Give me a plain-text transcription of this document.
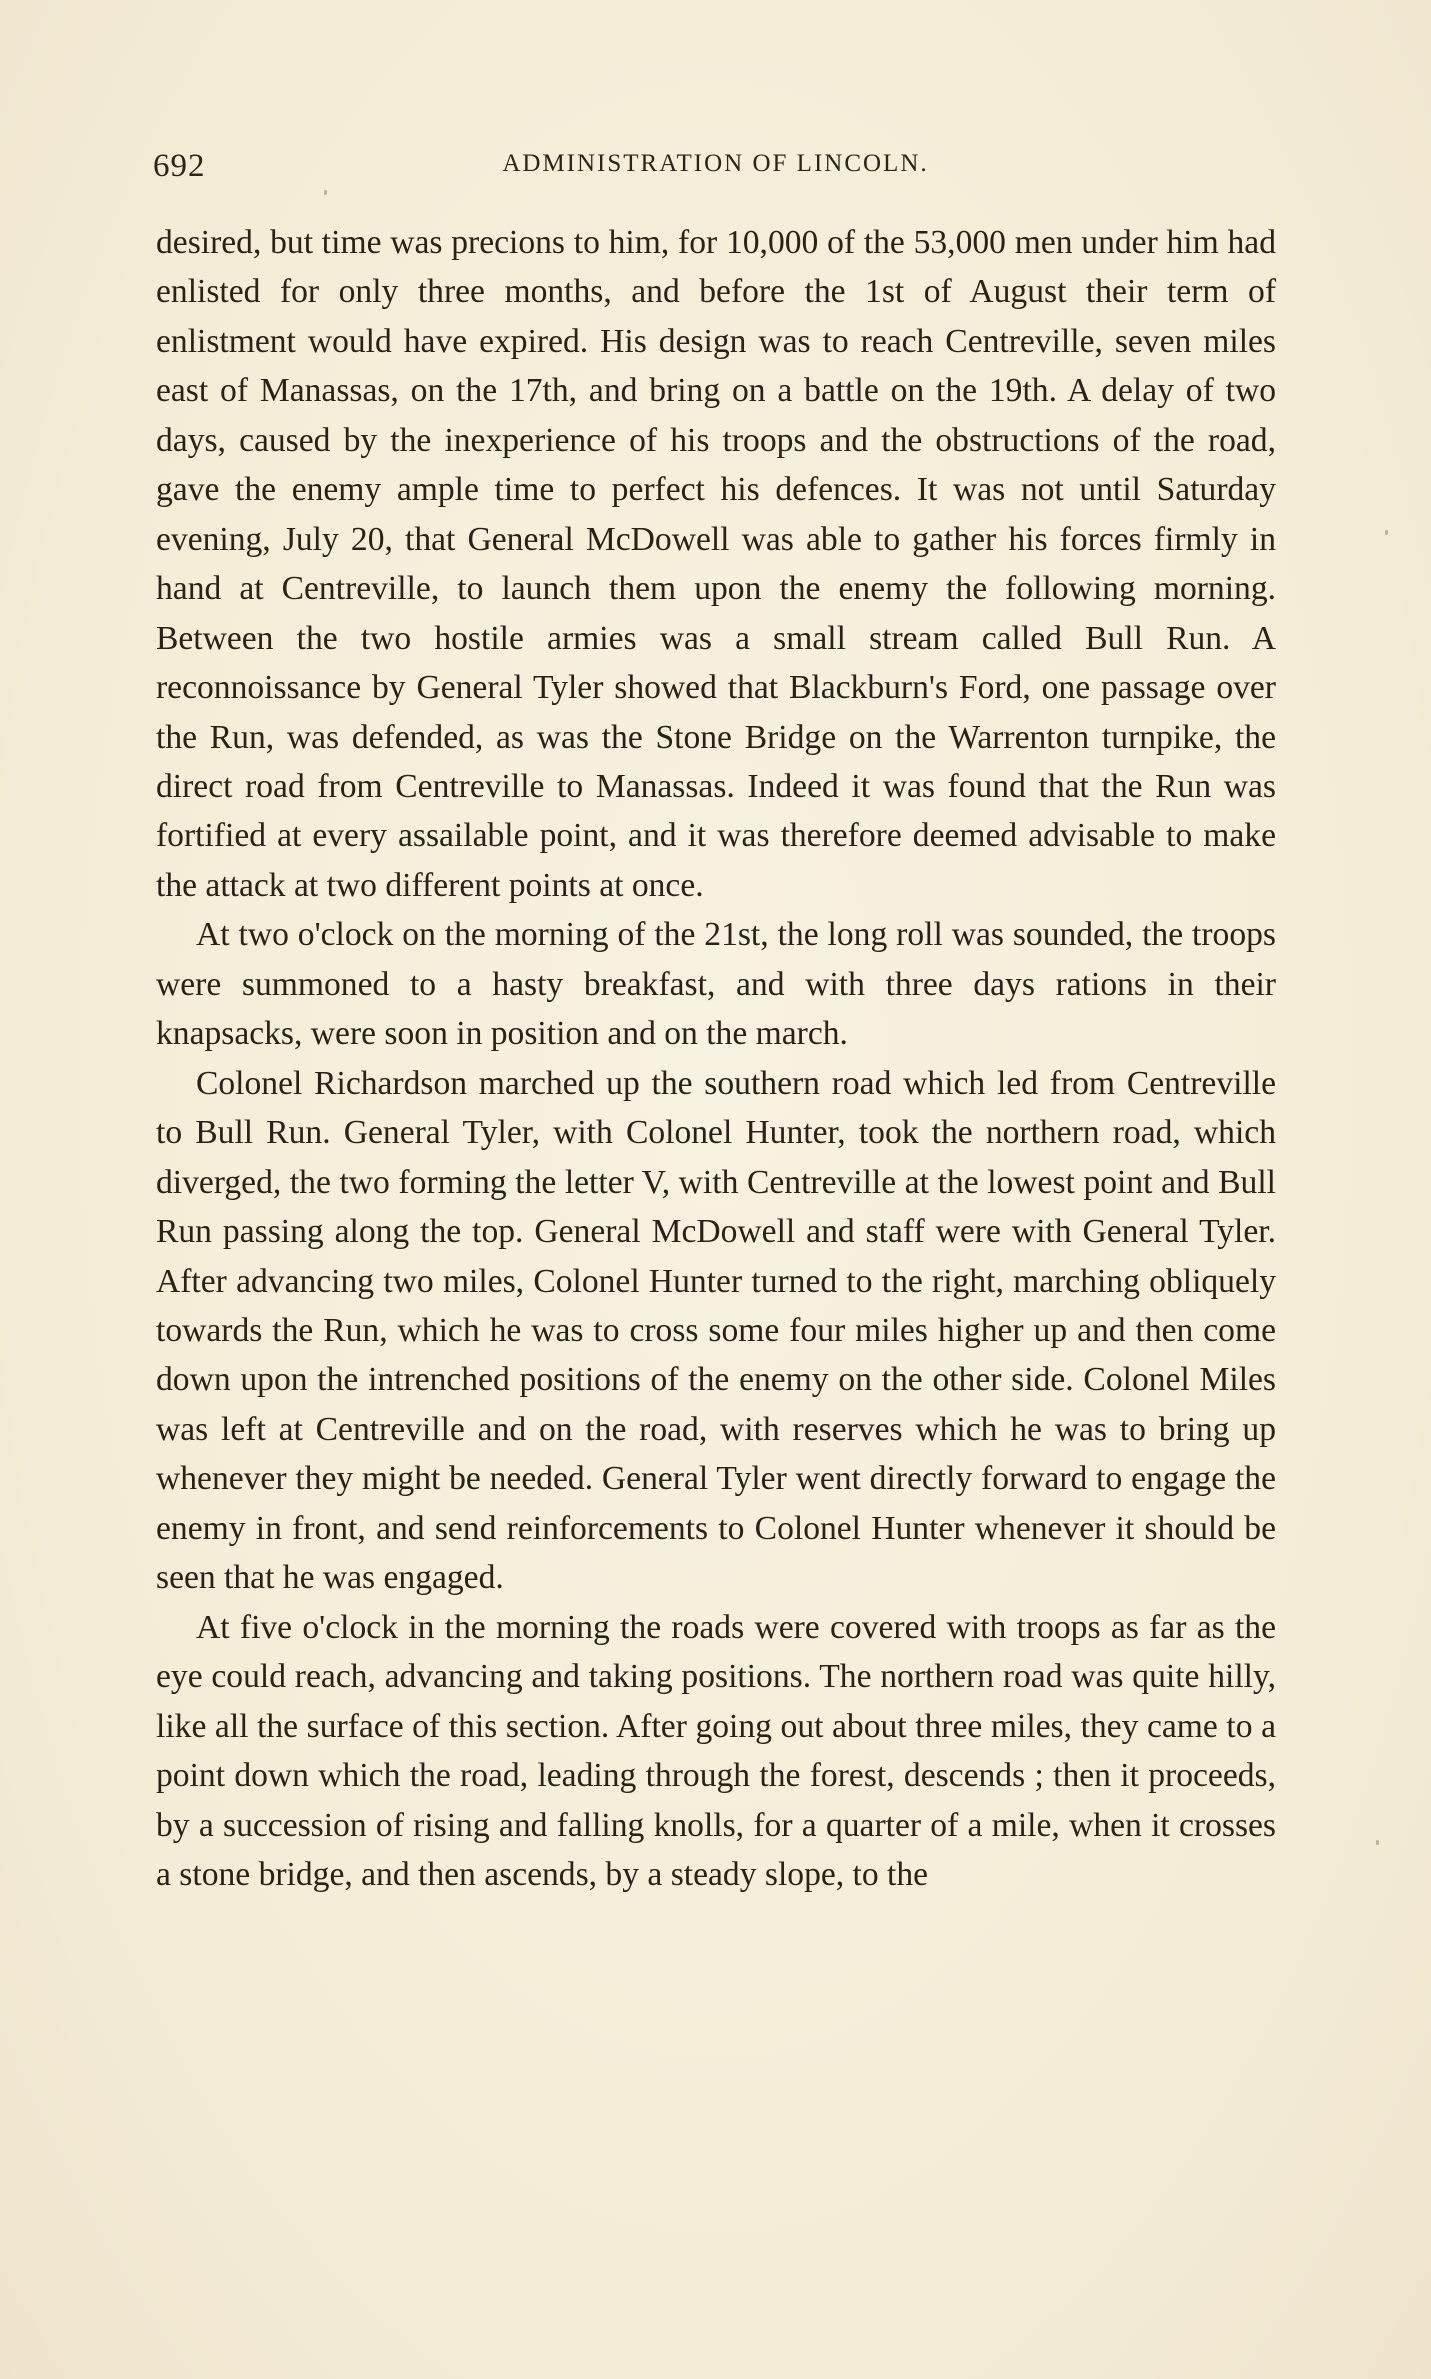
692	ADMINISTRATION OF LINCOLN.

desired, but time was precions to him, for 10,000 of the 53,000 men under him had enlisted for only three months, and before the 1st of August their term of enlistment would have expired. His design was to reach Centreville, seven miles east of Manassas, on the 17th, and bring on a battle on the 19th. A delay of two days, caused by the inexperience of his troops and the obstructions of the road, gave the enemy ample time to perfect his defences. It was not until Saturday evening, July 20, that General McDowell was able to gather his forces firmly in hand at Centreville, to launch them upon the enemy the following morning. Between the two hostile armies was a small stream called Bull Run. A reconnoissance by General Tyler showed that Blackburn's Ford, one passage over the Run, was defended, as was the Stone Bridge on the Warrenton turnpike, the direct road from Centreville to Manassas. Indeed it was found that the Run was fortified at every assailable point, and it was therefore deemed advisable to make the attack at two different points at once.

At two o'clock on the morning of the 21st, the long roll was sounded, the troops were summoned to a hasty breakfast, and with three days rations in their knapsacks, were soon in position and on the march.

Colonel Richardson marched up the southern road which led from Centreville to Bull Run. General Tyler, with Colonel Hunter, took the northern road, which diverged, the two forming the letter V, with Centreville at the lowest point and Bull Run passing along the top. General McDowell and staff were with General Tyler. After advancing two miles, Colonel Hunter turned to the right, marching obliquely towards the Run, which he was to cross some four miles higher up and then come down upon the intrenched positions of the enemy on the other side. Colonel Miles was left at Centreville and on the road, with reserves which he was to bring up whenever they might be needed. General Tyler went directly forward to engage the enemy in front, and send reinforcements to Colonel Hunter whenever it should be seen that he was engaged.

At five o'clock in the morning the roads were covered with troops as far as the eye could reach, advancing and taking positions. The northern road was quite hilly, like all the surface of this section. After going out about three miles, they came to a point down which the road, leading through the forest, descends ; then it proceeds, by a succession of rising and falling knolls, for a quarter of a mile, when it crosses a stone bridge, and then ascends, by a steady slope, to the
